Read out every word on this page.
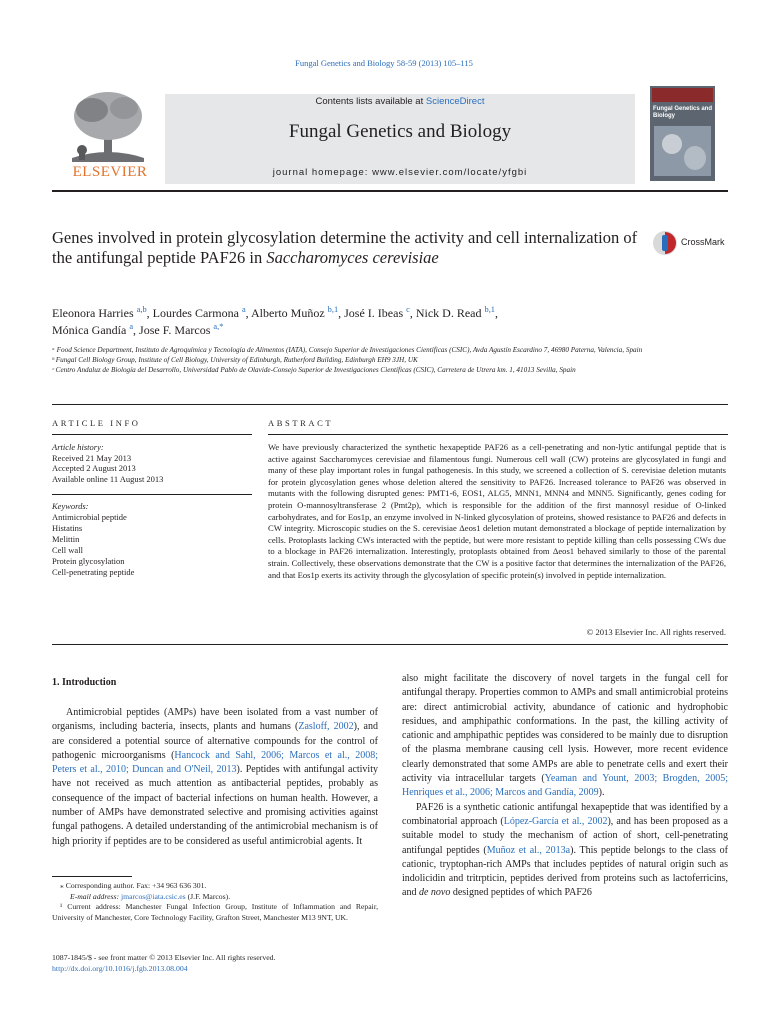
Fungal Genetics and Biology 58-59 (2013) 105–115
ELSEVIER
Contents lists available at ScienceDirect
Fungal Genetics and Biology
journal homepage: www.elsevier.com/locate/yfgbi
Fungal Genetics and Biology
Genes involved in protein glycosylation determine the activity and cell internalization of the antifungal peptide PAF26 in Saccharomyces cerevisiae
CrossMark
Eleonora Harries $^{a,b}$, Lourdes Carmona $^a$, Alberto Muñoz $^{b,1}$, José I. Ibeas $^c$, Nick D. Read $^{b,1}$,
Mónica Gandía $^a$, Jose F. Marcos $^{a,*}$
ᵃ Food Science Department, Instituto de Agroquímica y Tecnología de Alimentos (IATA), Consejo Superior de Investigaciones Científicas (CSIC), Avda Agustín Escardino 7, 46980 Paterna, Valencia, Spain
ᵇ Fungal Cell Biology Group, Institute of Cell Biology, University of Edinburgh, Rutherford Building, Edinburgh EH9 3JH, UK
ᶜ Centro Andaluz de Biología del Desarrollo, Universidad Pablo de Olavide-Consejo Superior de Investigaciones Científicas (CSIC), Carretera de Utrera km. 1, 41013 Sevilla, Spain
ARTICLE INFO
Article history:
Received 21 May 2013
Accepted 2 August 2013
Available online 11 August 2013
Keywords:
Antimicrobial peptide
Histatins
Melittin
Cell wall
Protein glycosylation
Cell-penetrating peptide
ABSTRACT
We have previously characterized the synthetic hexapeptide PAF26 as a cell-penetrating and non-lytic antifungal peptide that is active against Saccharomyces cerevisiae and filamentous fungi. Numerous cell wall (CW) proteins are glycosylated in fungi and many of these play important roles in fungal pathogenesis. In this study, we screened a collection of S. cerevisiae deletion mutants for protein glycosylation genes whose deletion altered the sensitivity to PAF26. Increased tolerance to PAF26 was observed in mutants with the following disrupted genes: PMT1-6, EOS1, ALG5, MNN1, MNN4 and MNN5. Significantly, genes coding for protein O-mannosyltransferase 2 (Pmt2p), which is responsible for the addition of the first mannosyl residue of O-linked carbohydrates, and for Eos1p, an enzyme involved in N-linked glycosylation of proteins, showed resistance to PAF26 and defects in CW integrity. Microscopic studies on the S. cerevisiae Δeos1 deletion mutant demonstrated a blockage of peptide internalization by cells. Protoplasts lacking CWs interacted with the peptide, but were more resistant to peptide killing than cells possessing CWs due to a blockage in PAF26 internalization. Interestingly, protoplasts obtained from Δeos1 behaved similarly to those of the parental strain. Collectively, these observations demonstrate that the CW is a positive factor that determines the internalization of the PAF26, and that Eos1p exerts its activity through the glycosylation of specific protein(s) involved in peptide internalization.
© 2013 Elsevier Inc. All rights reserved.
1. Introduction

Antimicrobial peptides (AMPs) have been isolated from a vast number of organisms, including bacteria, insects, plants and humans (Zasloff, 2002), and are considered a potential source of alternative compounds for the control of pathogenic microorganisms (Hancock and Sahl, 2006; Marcos et al., 2008; Peters et al., 2010; Duncan and O'Neil, 2013). Peptides with antifungal activity have not received as much attention as antibacterial peptides, probably as consequence of the impact of bacterial infections on human health. However, a number of AMPs have demonstrated selective and promising activities against fungal pathogens. A detailed understanding of the antimicrobial mechanism is of high priority if peptides are to be considered as useful antimicrobial agents. It

also might facilitate the discovery of novel targets in the fungal cell for antifungal therapy. Properties common to AMPs and small antimicrobial proteins are: direct antimicrobial activity, abundance of cationic and hydrophobic residues, and amphipathic conformations. In the past, the killing activity of cationic and amphipathic peptides was considered to be mainly due to disruption of the plasma membrane causing cell lysis. However, more recent evidence clearly demonstrated that some AMPs are able to penetrate cells and exert their activity via intracellular targets (Yeaman and Yount, 2003; Brogden, 2005; Henriques et al., 2006; Marcos and Gandía, 2009).

PAF26 is a synthetic cationic antifungal hexapeptide that was identified by a combinatorial approach (López-García et al., 2002), and has been proposed as a suitable model to study the mechanism of action of short, cell-penetrating antifungal peptides (Muñoz et al., 2013a). This peptide belongs to the class of cationic, tryptophan-rich AMPs that includes peptides of natural origin such as indolicidin and tritrpticin, peptides derived from proteins such as lactoferricins, and de novo designed peptides of which PAF26

⁎ Corresponding author. Fax: +34 963 636 301.
E-mail address: jmarcos@iata.csic.es (J.F. Marcos).
¹ Current address: Manchester Fungal Infection Group, Institute of Inflammation and Repair, University of Manchester, Core Technology Facility, Grafton Street, Manchester M13 9NT, UK.
1087-1845/$ - see front matter © 2013 Elsevier Inc. All rights reserved.
http://dx.doi.org/10.1016/j.fgb.2013.08.004
